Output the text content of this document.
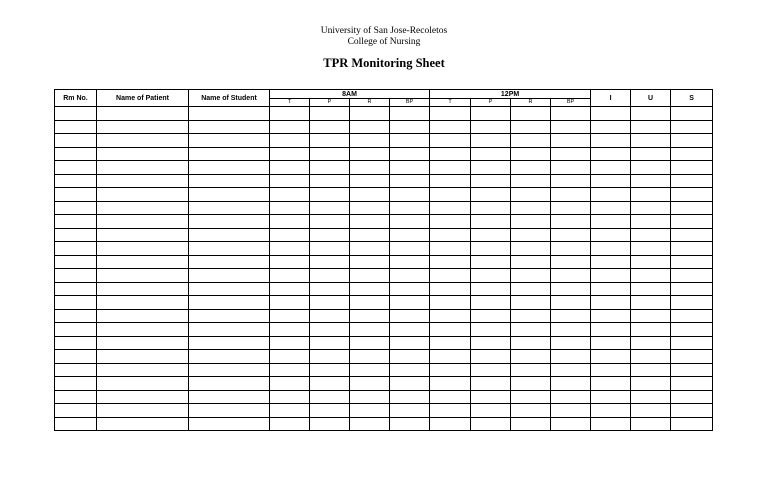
University of San Jose-Recoletos

College of Nursing

TPR Monitoring Sheet

Rm No.	Name of Patient	Name of Student	8AM				12PM				I	U	S
			T	P	R	BP	T	P	R	BP			
